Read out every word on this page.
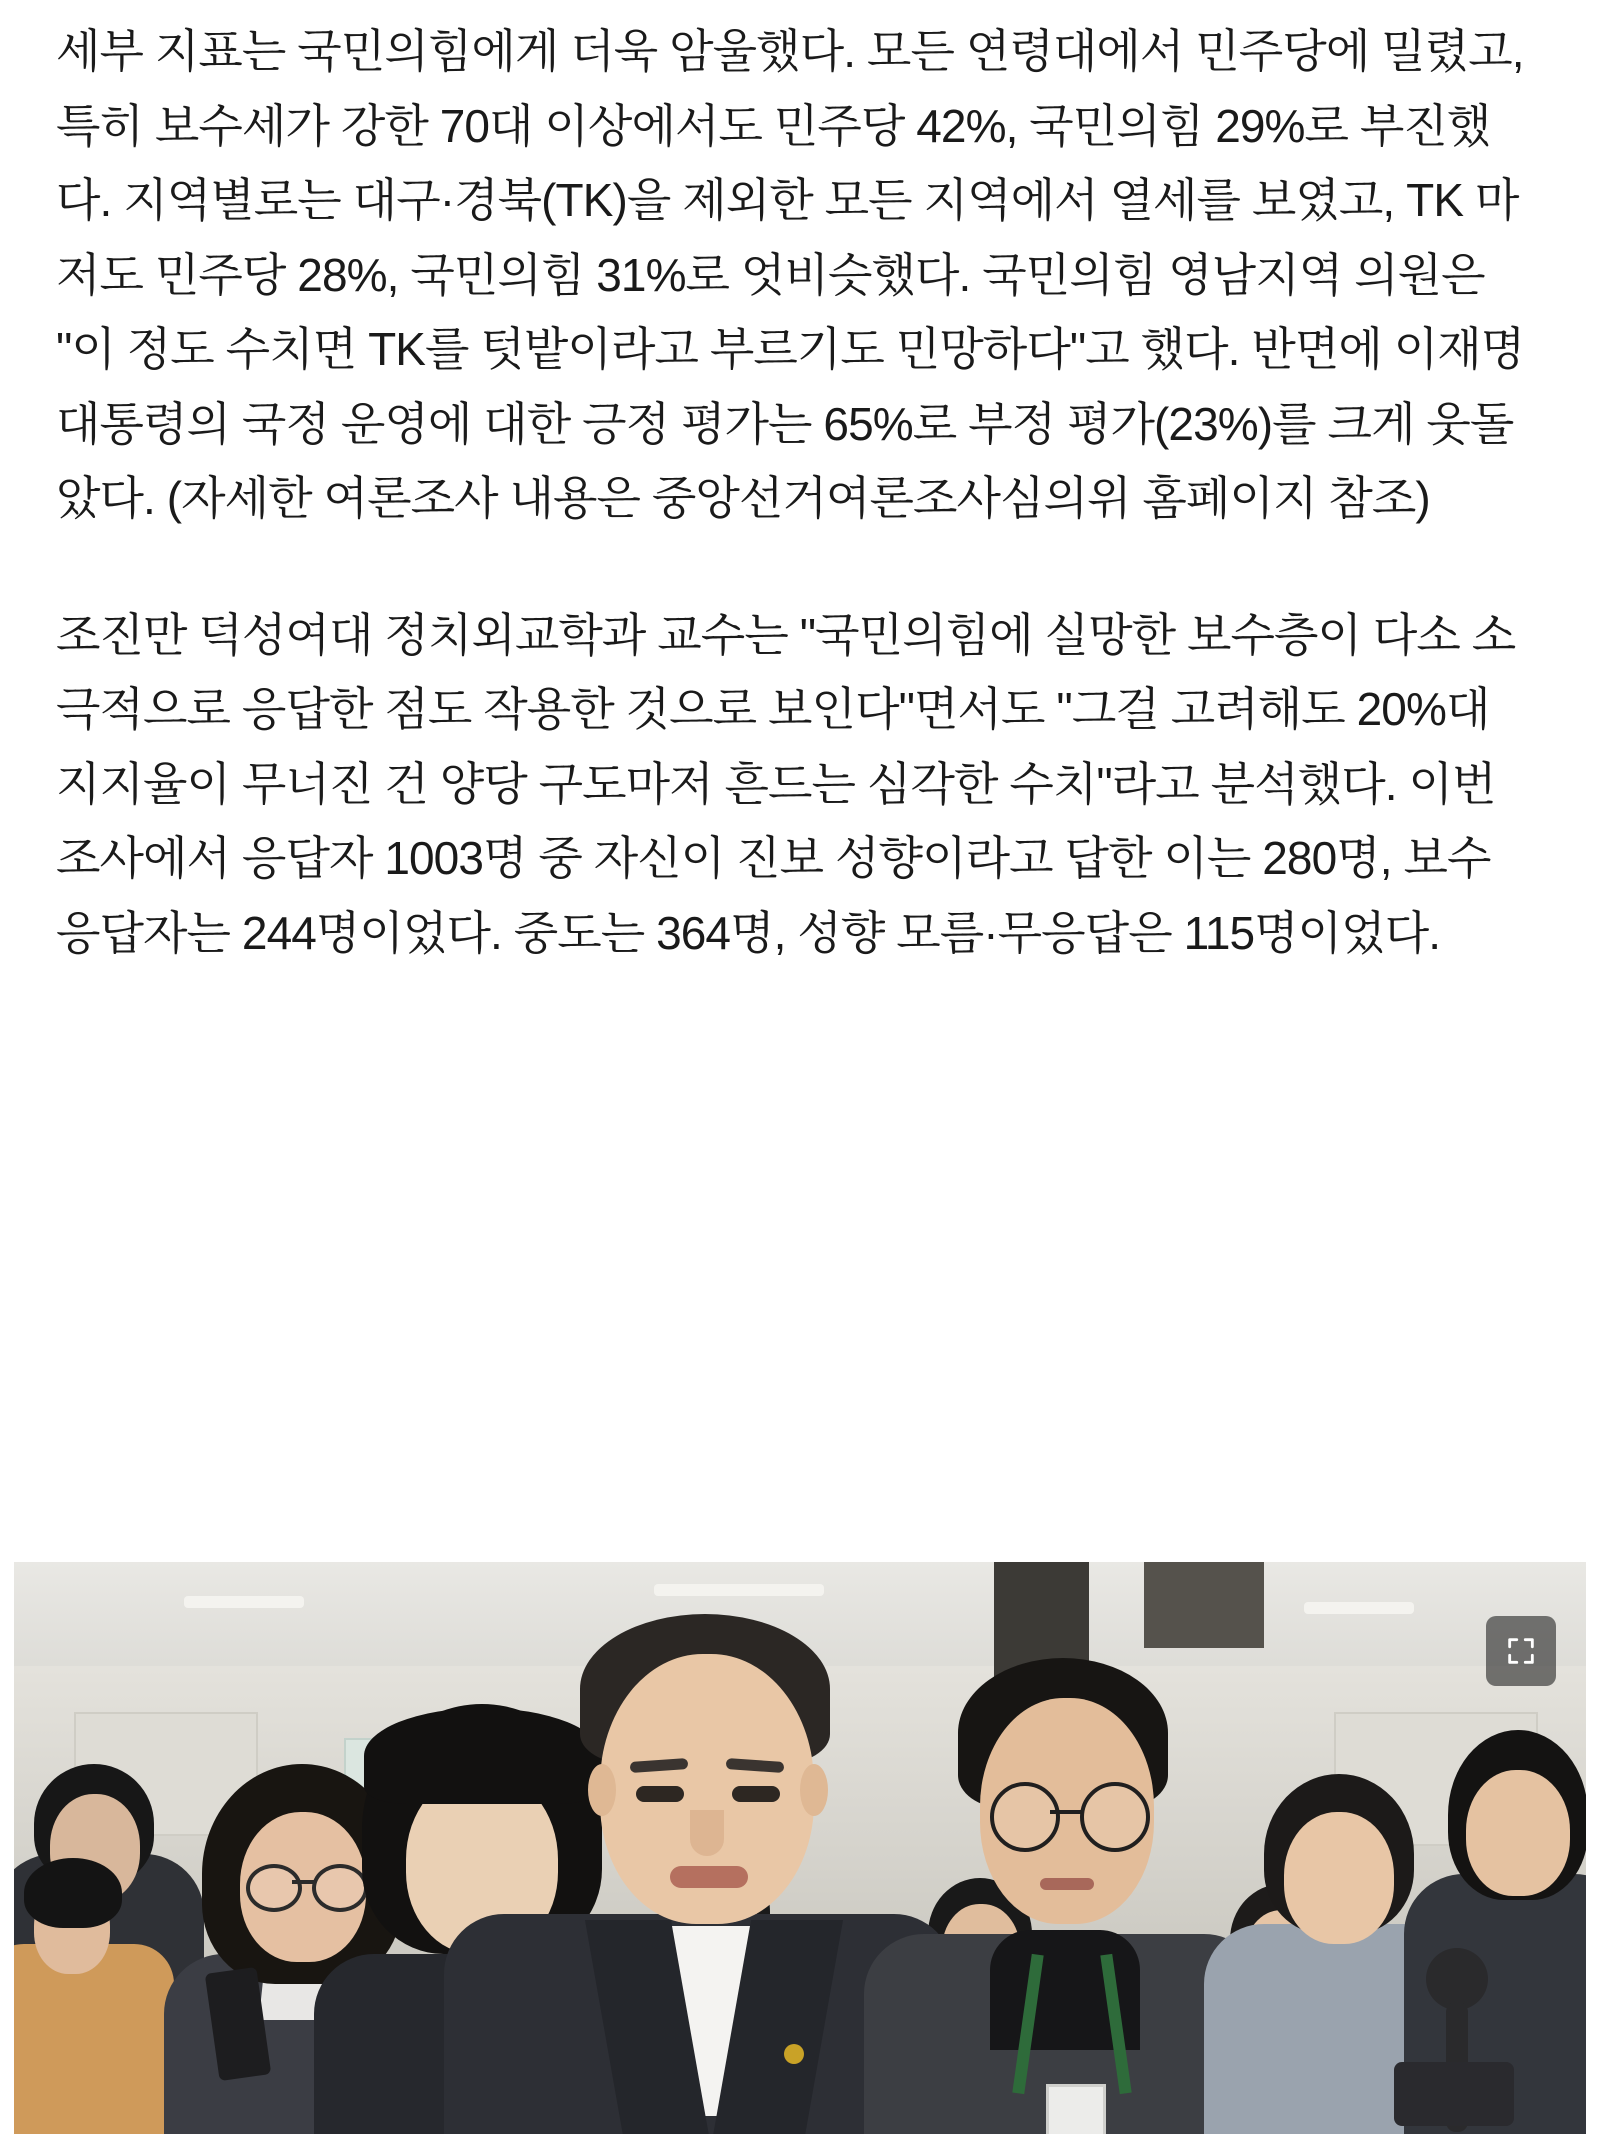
세부 지표는 국민의힘에게 더욱 암울했다. 모든 연령대에서 민주당에 밀렸고, 특히 보수세가 강한 70대 이상에서도 민주당 42%, 국민의힘 29%로 부진했다. 지역별로는 대구·경북(TK)을 제외한 모든 지역에서 열세를 보였고, TK 마저도 민주당 28%, 국민의힘 31%로 엇비슷했다. 국민의힘 영남지역 의원은 "이 정도 수치면 TK를 텃밭이라고 부르기도 민망하다"고 했다. 반면에 이재명 대통령의 국정 운영에 대한 긍정 평가는 65%로 부정 평가(23%)를 크게 웃돌았다. (자세한 여론조사 내용은 중앙선거여론조사심의위 홈페이지 참조)

조진만 덕성여대 정치외교학과 교수는 "국민의힘에 실망한 보수층이 다소 소극적으로 응답한 점도 작용한 것으로 보인다"면서도 "그걸 고려해도 20%대 지지율이 무너진 건 양당 구도마저 흔드는 심각한 수치"라고 분석했다. 이번 조사에서 응답자 1003명 중 자신이 진보 성향이라고 답한 이는 280명, 보수 응답자는 244명이었다. 중도는 364명, 성향 모름·무응답은 115명이었다.
